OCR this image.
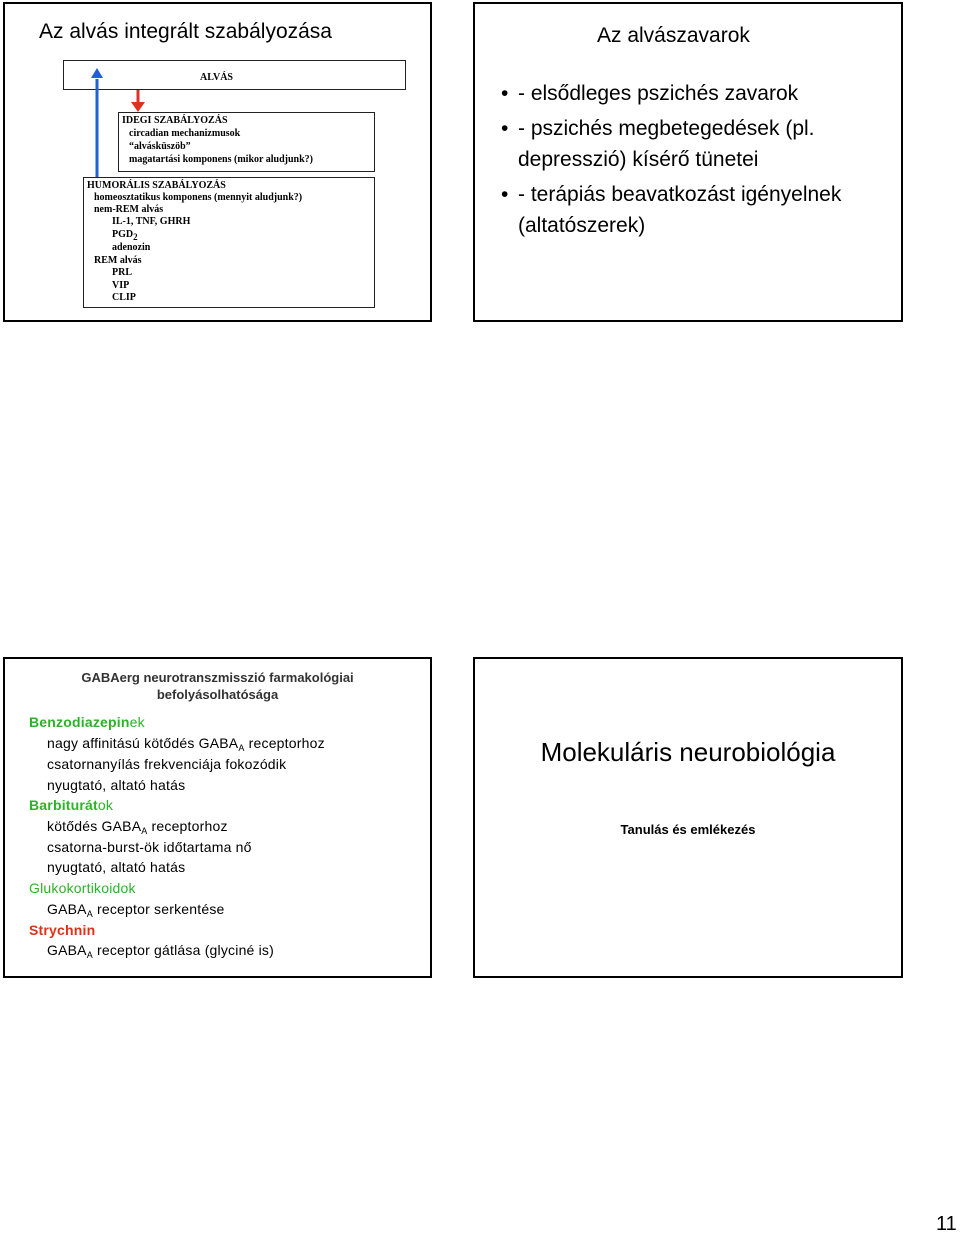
Az alvás integrált szabályozása
ALVÁS
IDEGI SZABÁLYOZÁS
circadian mechanizmusok
“alvásküszöb”
magatartási komponens (mikor aludjunk?)
HUMORÁLIS SZABÁLYOZÁS
homeosztatikus komponens (mennyit aludjunk?)
nem-REM alvás
IL-1, TNF, GHRH
$PGD_2$
adenozin
REM alvás
PRL
VIP
CLIP
Az alvászavarok
• - elsődleges pszichés zavarok
• - pszichés megbetegedések (pl. depresszió) kísérő tünetei
• - terápiás beavatkozást igényelnek (altatószerek)
GABAerg neurotranszmisszió farmakológiai
befolyásolhatósága
Benzodiazepinek
nagy affinitású kötődés $GABA_A$ receptorhoz
csatornanyílás frekvenciája fokozódik
nyugtató, altató hatás
Barbiturátok
kötődés $GABA_A$ receptorhoz
csatorna-burst-ök időtartama nő
nyugtató, altató hatás
Glukokortikoidok
$GABA_A$ receptor serkentése
Strychnin
$GABA_A$ receptor gátlása (glyciné is)
Molekuláris neurobiológia
Tanulás és emlékezés
11
